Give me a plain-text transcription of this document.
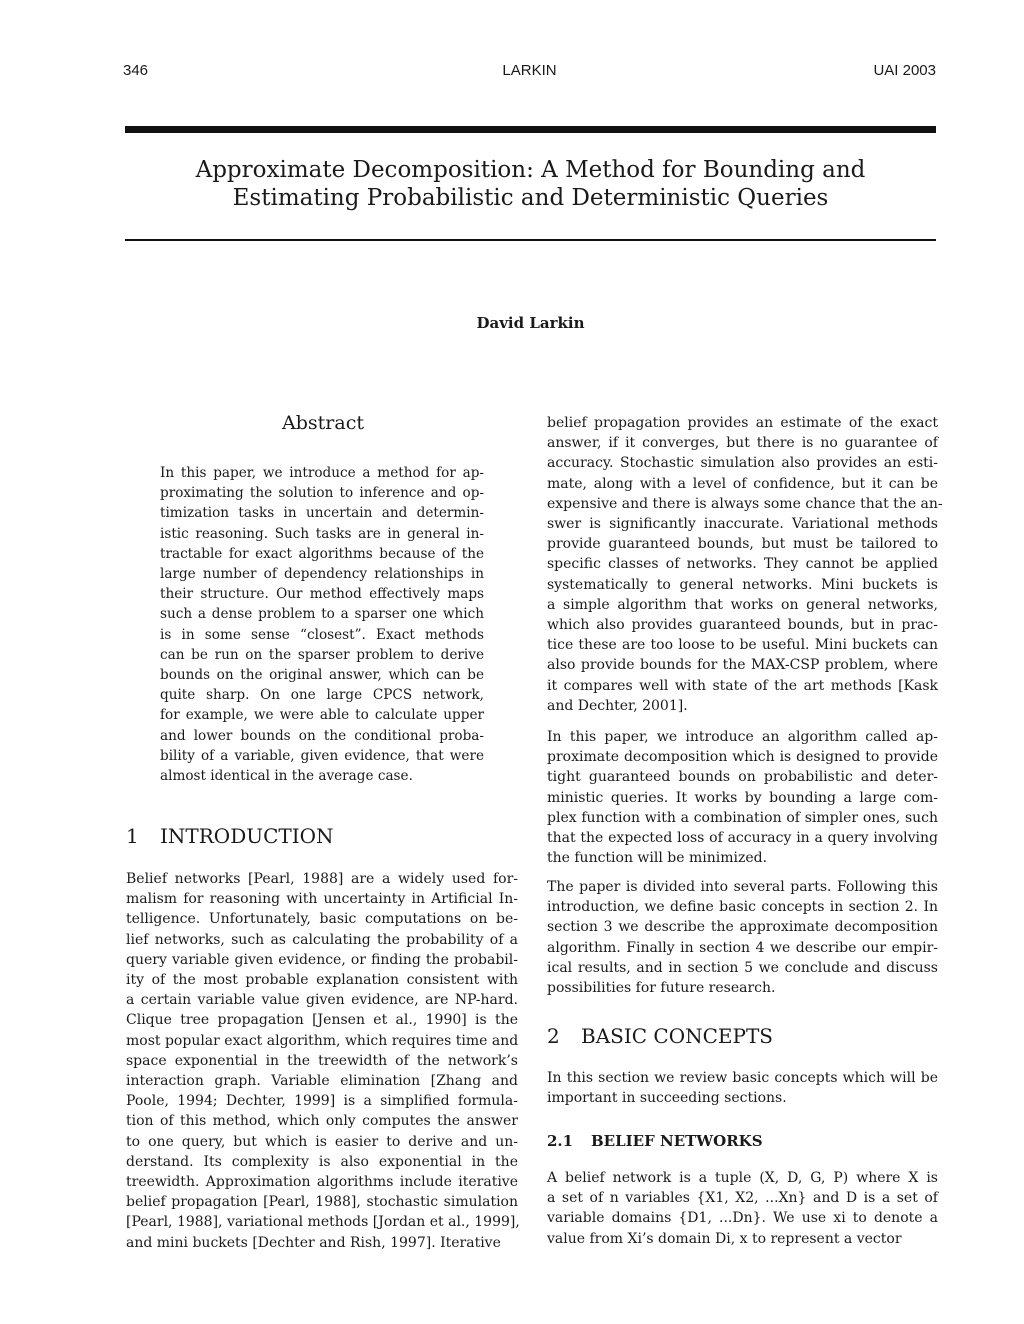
346	LARKIN	UAI 2003
Approximate Decomposition: A Method for Bounding and
Estimating Probabilistic and Deterministic Queries
David Larkin
Abstract
In this paper, we introduce a method for ap-
proximating the solution to inference and op-
timization tasks in uncertain and determin-
istic reasoning. Such tasks are in general in-
tractable for exact algorithms because of the
large number of dependency relationships in
their structure. Our method effectively maps
such a dense problem to a sparser one which
is in some sense “closest”. Exact methods
can be run on the sparser problem to derive
bounds on the original answer, which can be
quite sharp. On one large CPCS network,
for example, we were able to calculate upper
and lower bounds on the conditional proba-
bility of a variable, given evidence, that were
almost identical in the average case.
1 INTRODUCTION
Belief networks [Pearl, 1988] are a widely used for-
malism for reasoning with uncertainty in Artificial In-
telligence. Unfortunately, basic computations on be-
lief networks, such as calculating the probability of a
query variable given evidence, or finding the probabil-
ity of the most probable explanation consistent with
a certain variable value given evidence, are NP-hard.
Clique tree propagation [Jensen et al., 1990] is the
most popular exact algorithm, which requires time and
space exponential in the treewidth of the network’s
interaction graph. Variable elimination [Zhang and
Poole, 1994; Dechter, 1999] is a simplified formula-
tion of this method, which only computes the answer
to one query, but which is easier to derive and un-
derstand. Its complexity is also exponential in the
treewidth. Approximation algorithms include iterative
belief propagation [Pearl, 1988], stochastic simulation
[Pearl, 1988], variational methods [Jordan et al., 1999],
and mini buckets [Dechter and Rish, 1997]. Iterative
belief propagation provides an estimate of the exact
answer, if it converges, but there is no guarantee of
accuracy. Stochastic simulation also provides an esti-
mate, along with a level of confidence, but it can be
expensive and there is always some chance that the an-
swer is significantly inaccurate. Variational methods
provide guaranteed bounds, but must be tailored to
specific classes of networks. They cannot be applied
systematically to general networks. Mini buckets is
a simple algorithm that works on general networks,
which also provides guaranteed bounds, but in prac-
tice these are too loose to be useful. Mini buckets can
also provide bounds for the MAX-CSP problem, where
it compares well with state of the art methods [Kask
and Dechter, 2001].
In this paper, we introduce an algorithm called ap-
proximate decomposition which is designed to provide
tight guaranteed bounds on probabilistic and deter-
ministic queries. It works by bounding a large com-
plex function with a combination of simpler ones, such
that the expected loss of accuracy in a query involving
the function will be minimized.
The paper is divided into several parts. Following this
introduction, we define basic concepts in section 2. In
section 3 we describe the approximate decomposition
algorithm. Finally in section 4 we describe our empir-
ical results, and in section 5 we conclude and discuss
possibilities for future research.
2 BASIC CONCEPTS
In this section we review basic concepts which will be
important in succeeding sections.
2.1 BELIEF NETWORKS
A belief network is a tuple (X, D, G, P) where X is
a set of n variables {X1, X2, ...Xn} and D is a set of
variable domains {D1, ...Dn}. We use xi to denote a
value from Xi’s domain Di, x to represent a vector
